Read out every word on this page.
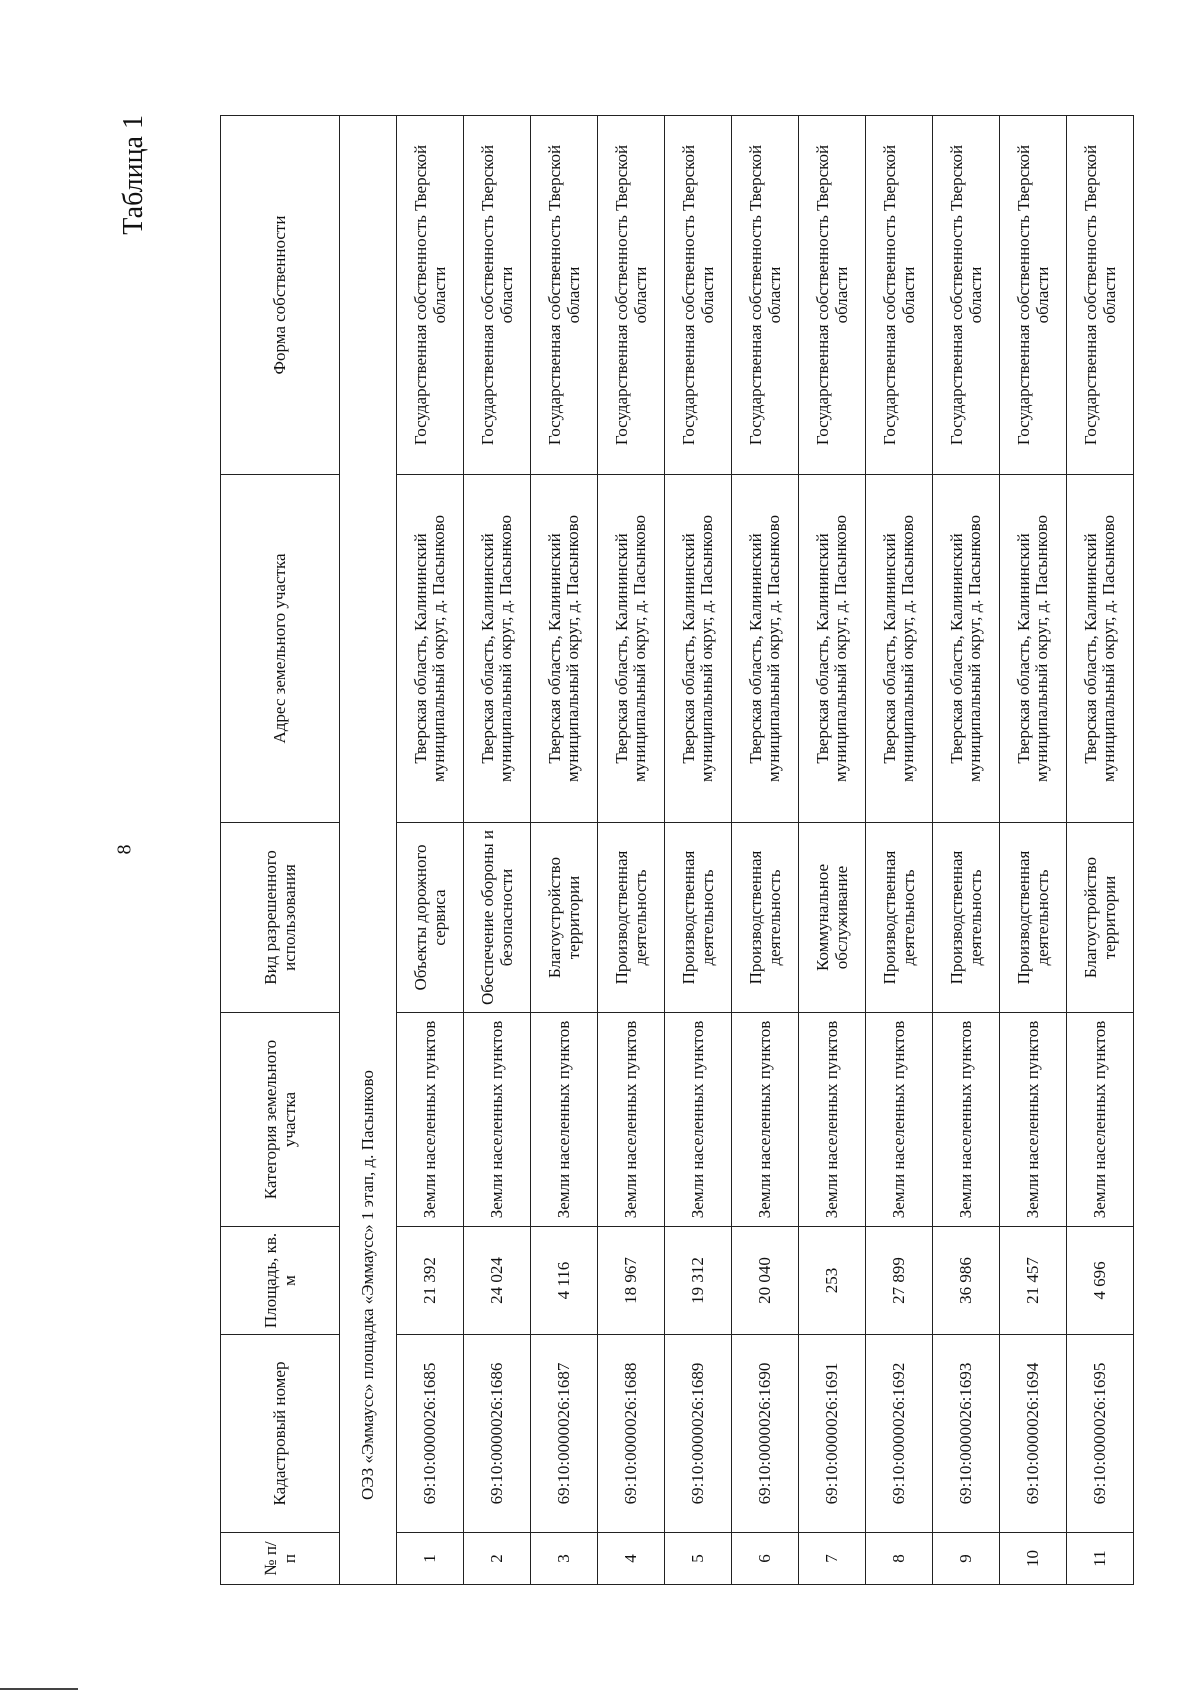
8
Таблица 1
№ п/п	Кадастровый номер	Площадь, кв. м	Категория земельного участка	Вид разрешенного использования	Адрес земельного участка	Форма собственности
ОЭЗ «Эммаусс» площадка «Эммаусс» 1 этап, д. Пасынково						
1	69:10:0000026:1685	21 392	Земли населенных пунктов	Объекты дорожного сервиса	Тверская область, Калининский муниципальный округ, д. Пасынково	Государственная собственность Тверской области
2	69:10:0000026:1686	24 024	Земли населенных пунктов	Обеспечение обороны и безопасности	Тверская область, Калининский муниципальный округ, д. Пасынково	Государственная собственность Тверской области
3	69:10:0000026:1687	4 116	Земли населенных пунктов	Благоустройство территории	Тверская область, Калининский муниципальный округ, д. Пасынково	Государственная собственность Тверской области
4	69:10:0000026:1688	18 967	Земли населенных пунктов	Производственная деятельность	Тверская область, Калининский муниципальный округ, д. Пасынково	Государственная собственность Тверской области
5	69:10:0000026:1689	19 312	Земли населенных пунктов	Производственная деятельность	Тверская область, Калининский муниципальный округ, д. Пасынково	Государственная собственность Тверской области
6	69:10:0000026:1690	20 040	Земли населенных пунктов	Производственная деятельность	Тверская область, Калининский муниципальный округ, д. Пасынково	Государственная собственность Тверской области
7	69:10:0000026:1691	253	Земли населенных пунктов	Коммунальное обслуживание	Тверская область, Калининский муниципальный округ, д. Пасынково	Государственная собственность Тверской области
8	69:10:0000026:1692	27 899	Земли населенных пунктов	Производственная деятельность	Тверская область, Калининский муниципальный округ, д. Пасынково	Государственная собственность Тверской области
9	69:10:0000026:1693	36 986	Земли населенных пунктов	Производственная деятельность	Тверская область, Калининский муниципальный округ, д. Пасынково	Государственная собственность Тверской области
10	69:10:0000026:1694	21 457	Земли населенных пунктов	Производственная деятельность	Тверская область, Калининский муниципальный округ, д. Пасынково	Государственная собственность Тверской области
11	69:10:0000026:1695	4 696	Земли населенных пунктов	Благоустройство территории	Тверская область, Калининский муниципальный округ, д. Пасынково	Государственная собственность Тверской области
